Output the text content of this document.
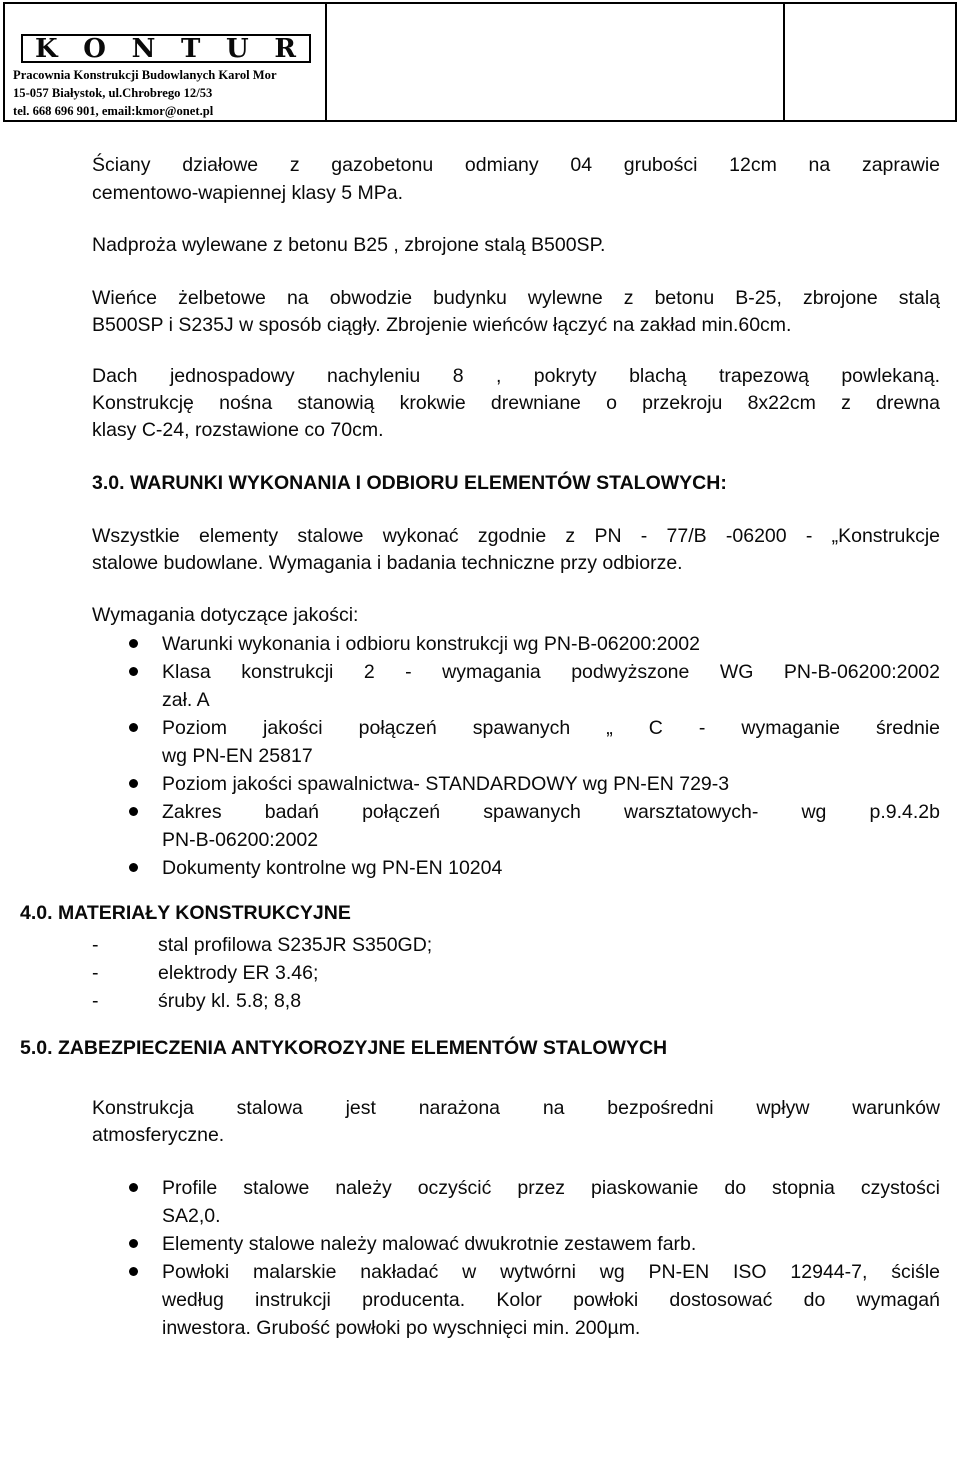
K O N T U R
Pracownia Konstrukcji Budowlanych Karol Mor
15-057 Białystok, ul.Chrobrego 12/53
tel. 668 696 901, email:kmor@onet.pl
Projekt budowlany Targowiska, wraz z
niezbędną infrastrukturą techniczną w
LUDWINIE
OPIS TECHNICZNY
STRONA
4
Ściany działowe z gazobetonu odmiany 04 grubości 12cm na zaprawie
cementowo-wapiennej klasy 5 MPa.
Nadproża wylewane z betonu B25 , zbrojone stalą B500SP.
Wieńce żelbetowe na obwodzie budynku wylewne z betonu B-25, zbrojone stalą
B500SP i S235J w sposób ciągły. Zbrojenie wieńców łączyć na zakład min.60cm.
Dach jednospadowy nachyleniu 8 , pokryty blachą trapezową powlekaną.
Konstrukcję nośna stanowią krokwie drewniane o przekroju 8x22cm z drewna
klasy C-24, rozstawione co 70cm.
3.0. WARUNKI WYKONANIA I ODBIORU ELEMENTÓW STALOWYCH:
Wszystkie elementy stalowe wykonać zgodnie z PN - 77/B -06200 - „Konstrukcje
stalowe budowlane. Wymagania i badania techniczne przy odbiorze.
Wymagania dotyczące jakości:
Warunki wykonania i odbioru konstrukcji wg PN-B-06200:2002
Klasa konstrukcji 2 - wymagania podwyższone WG PN-B-06200:2002
zał. A
Poziom jakości połączeń spawanych „ C - wymaganie średnie
wg PN-EN 25817
Poziom jakości spawalnictwa- STANDARDOWY wg PN-EN 729-3
Zakres badań połączeń spawanych warsztatowych- wg p.9.4.2b
PN-B-06200:2002
Dokumenty kontrolne wg PN-EN 10204
4.0. MATERIAŁY KONSTRUKCYJNE
-	stal profilowa S235JR S350GD;
-	elektrody ER 3.46;
-	śruby kl. 5.8; 8,8
5.0. ZABEZPIECZENIA ANTYKOROZYJNE ELEMENTÓW STALOWYCH
Konstrukcja stalowa jest narażona na bezpośredni wpływ warunków
atmosferyczne.
Profile stalowe należy oczyścić przez piaskowanie do stopnia czystości
SA2,0.
Elementy stalowe należy malować dwukrotnie zestawem farb.
Powłoki malarskie nakładać w wytwórni wg PN-EN ISO 12944-7, ściśle
według instrukcji producenta. Kolor powłoki dostosować do wymagań
inwestora. Grubość powłoki po wyschnięci min. 200µm.
